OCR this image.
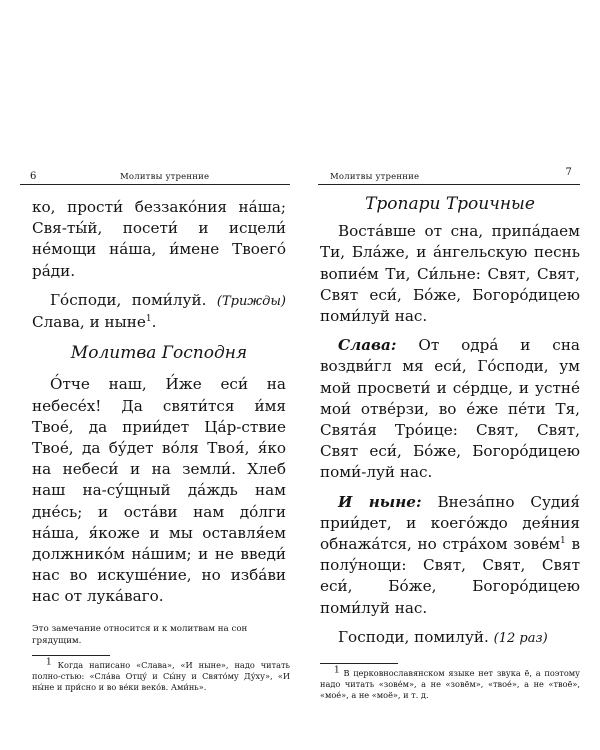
6	Молитвы утренние

ко, прости́ беззако́ния на́ша; Свя-ты́й, посети́ и исцели́ не́мощи на́ша, и́мене Твоего́ ра́ди.

Го́споди, поми́луй. (Трижды) Слава, и ныне$^1$.

Молитва Господня

О́тче наш, И́же еси́ на небесе́х! Да святи́тся и́мя Твое́, да прии́дет Ца́р-ствие Твое́, да бу́дет во́ля Твоя́, я́ко на небеси́ и на земли́. Хлеб наш на-су́щный да́ждь нам дне́сь; и оста́ви нам до́лги на́ша, я́коже и мы оставля́ем должнико́м на́шим; и не введи́ нас во искуше́ние, но изба́ви нас от лука́ваго.

Это замечание относится и к молитвам на сон грядущим.
$^1$ Когда написано «Слава», «И ныне», надо читать полно-стью: «Сла́ва Отцу́ и Сы́ну и Свято́му Ду́ху», «И ны́не и при́сно и во ве́ки веко́в. Ами́нь».
Молитвы утренние	7
Тропари Троичные

Воста́вше от сна, припа́даем Ти, Бла́же, и а́нгельскую песнь вопие́м Ти, Си́льне: Свят, Свят, Свят еси́, Бо́же, Богоро́дицею поми́луй нас.

Слава: От одра́ и сна воздви́гл мя еси́, Го́споди, ум мой просвети́ и се́рдце, и устне́ мои́ отве́рзи, во е́же пе́ти Тя, Свята́я Тро́ице: Свят, Свят, Свят еси́, Бо́же, Богоро́дицею поми́-луй нас.

И ныне: Внеза́пно Судия́ прии́дет, и коего́ждо дея́ния обнажа́тся, но стра́хом $зове́м^1$ в полу́нощи: Свят, Свят, Свят еси́, Бо́же, Богоро́дицею поми́луй нас.

Господи, помилуй. (12 раз)

$^1$ В церковнославянском языке нет звука ё, а поэтому надо читать «зове́м», а не «зовём», «твое́», а не «твоё», «мое́», а не «моё», и т. д.
